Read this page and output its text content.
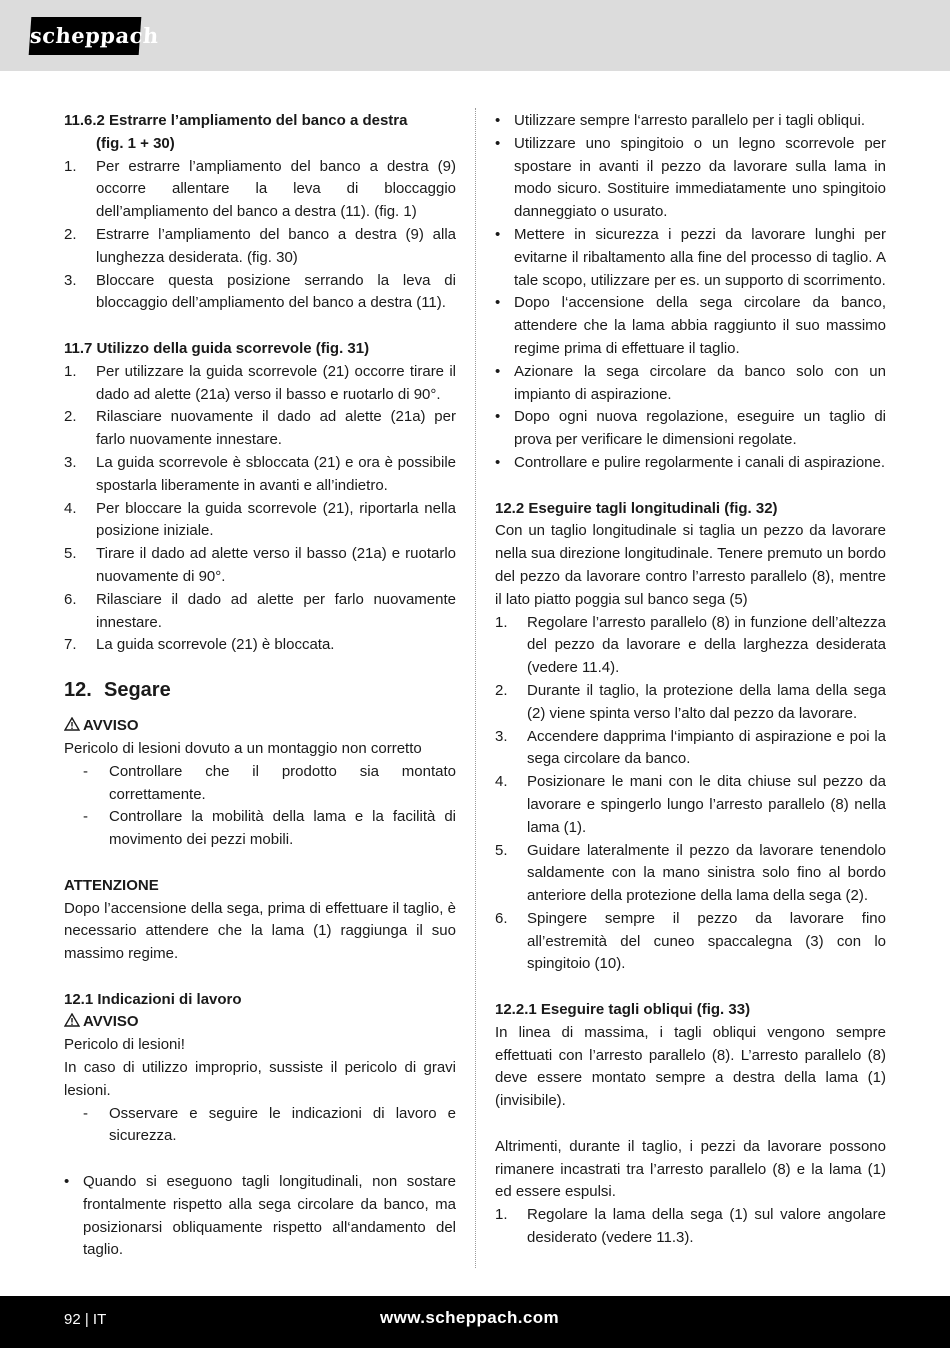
scheppach
11.6.2 Estrarre l’ampliamento del banco a destra
(fig. 1 + 30)
1. Per estrarre l’ampliamento del banco a destra (9) occorre allentare la leva di bloccaggio dell’ampliamento del banco a destra (11). (fig. 1)
2. Estrarre l’ampliamento del banco a destra (9) alla lunghezza desiderata. (fig. 30)
3. Bloccare questa posizione serrando la leva di bloccaggio dell’ampliamento del banco a destra (11).
11.7 Utilizzo della guida scorrevole (fig. 31)
1. Per utilizzare la guida scorrevole (21) occorre tirare il dado ad alette (21a) verso il basso e ruotarlo di 90°.
2. Rilasciare nuovamente il dado ad alette (21a) per farlo nuovamente innestare.
3. La guida scorrevole è sbloccata (21) e ora è possibile spostarla liberamente in avanti e all’indietro.
4. Per bloccare la guida scorrevole (21), riportarla nella posizione iniziale.
5. Tirare il dado ad alette verso il basso (21a) e ruotarlo nuovamente di 90°.
6. Rilasciare il dado ad alette per farlo nuovamente innestare.
7. La guida scorrevole (21) è bloccata.
12. Segare
AVVISO
Pericolo di lesioni dovuto a un montaggio non corretto
- Controllare che il prodotto sia montato correttamente.
- Controllare la mobilità della lama e la facilità di movimento dei pezzi mobili.
ATTENZIONE
Dopo l’accensione della sega, prima di effettuare il taglio, è necessario attendere che la lama (1) raggiunga il suo massimo regime.
12.1 Indicazioni di lavoro
AVVISO
Pericolo di lesioni!
In caso di utilizzo improprio, sussiste il pericolo di gravi lesioni.
- Osservare e seguire le indicazioni di lavoro e sicurezza.
• Quando si eseguono tagli longitudinali, non sostare frontalmente rispetto alla sega circolare da banco, ma posizionarsi obliquamente rispetto all‘andamento del taglio.
• Utilizzare sempre l‘arresto parallelo per i tagli obliqui.
• Utilizzare uno spingitoio o un legno scorrevole per spostare in avanti il pezzo da lavorare sulla lama in modo sicuro. Sostituire immediatamente uno spingitoio danneggiato o usurato.
• Mettere in sicurezza i pezzi da lavorare lunghi per evitarne il ribaltamento alla fine del processo di taglio. A tale scopo, utilizzare per es. un supporto di scorrimento.
• Dopo l‘accensione della sega circolare da banco, attendere che la lama abbia raggiunto il suo massimo regime prima di effettuare il taglio.
• Azionare la sega circolare da banco solo con un impianto di aspirazione.
• Dopo ogni nuova regolazione, eseguire un taglio di prova per verificare le dimensioni regolate.
• Controllare e pulire regolarmente i canali di aspirazione.
12.2 Eseguire tagli longitudinali (fig. 32)
Con un taglio longitudinale si taglia un pezzo da lavorare nella sua direzione longitudinale. Tenere premuto un bordo del pezzo da lavorare contro l’arresto parallelo (8), mentre il lato piatto poggia sul banco sega (5)
1. Regolare l’arresto parallelo (8) in funzione dell’altezza del pezzo da lavorare e della larghezza desiderata (vedere 11.4).
2. Durante il taglio, la protezione della lama della sega (2) viene spinta verso l’alto dal pezzo da lavorare.
3. Accendere dapprima l‘impianto di aspirazione e poi la sega circolare da banco.
4. Posizionare le mani con le dita chiuse sul pezzo da lavorare e spingerlo lungo l’arresto parallelo (8) nella lama (1).
5. Guidare lateralmente il pezzo da lavorare tenendolo saldamente con la mano sinistra solo fino al bordo anteriore della protezione della lama della sega (2).
6. Spingere sempre il pezzo da lavorare fino all’estremità del cuneo spaccalegna (3) con lo spingitoio (10).
12.2.1 Eseguire tagli obliqui (fig. 33)
In linea di massima, i tagli obliqui vengono sempre effettuati con l’arresto parallelo (8). L’arresto parallelo (8) deve essere montato sempre a destra della lama (1) (invisibile).
Altrimenti, durante il taglio, i pezzi da lavorare possono rimanere incastrati tra l’arresto parallelo (8) e la lama (1) ed essere espulsi.
1. Regolare la lama della sega (1) sul valore angolare desiderato (vedere 11.3).
92 | IT	www.scheppach.com
